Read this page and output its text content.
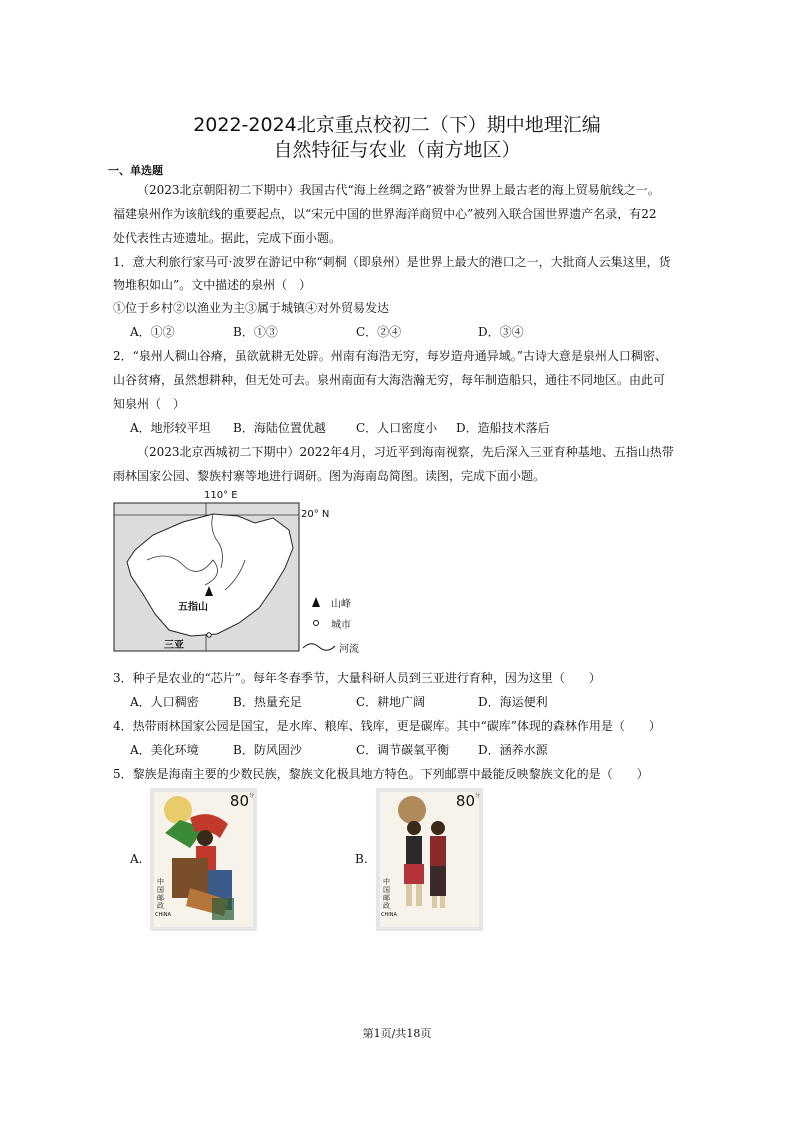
2022-2024北京重点校初二（下）期中地理汇编
自然特征与农业（南方地区）
一、单选题
（2023北京朝阳初二下期中）我国古代“海上丝绸之路”被誉为世界上最古老的海上贸易航线之一。
福建泉州作为该航线的重要起点，以“宋元中国的世界海洋商贸中心”被列入联合国世界遗产名录，有22
处代表性古迹遗址。据此，完成下面小题。
1．意大利旅行家马可·波罗在游记中称“刺桐（即泉州）是世界上最大的港口之一，大批商人云集这里，货
物堆积如山”。文中描述的泉州（　）
①位于乡村②以渔业为主③属于城镇④对外贸易发达
A．①②	B．①③	C．②④	D．③④
2．“泉州人稠山谷瘠，虽欲就耕无处辟。州南有海浩无穷，每岁造舟通异域。”古诗大意是泉州人口稠密、
山谷贫瘠，虽然想耕种，但无处可去。泉州南面有大海浩瀚无穷，每年制造船只，通往不同地区。由此可
知泉州（　）
A．地形较平坦 B．海陆位置优越	C．人口密度小 D．造船技术落后
（2023北京西城初二下期中）2022年4月，习近平到海南视察，先后深入三亚育种基地、五指山热带
雨林国家公园、黎族村寨等地进行调研。图为海南岛简图。读图，完成下面小题。
110° E
20° N
五指山
三亚
山峰
城市
河流
3．种子是农业的“芯片”。每年冬春季节，大量科研人员到三亚进行育种，因为这里（　　）
A．人口稠密	B．热量充足	C．耕地广阔	D．海运便利
4．热带雨林国家公园是国宝，是水库、粮库、钱库，更是碳库。其中“碳库”体现的森林作用是（　　）
A．美化环境	B．防风固沙	C．调节碳氧平衡 D．涵养水源
5．黎族是海南主要的少数民族，黎族文化极具地方特色。下列邮票中最能反映黎族文化的是（　　）
A.	B.
80 分
中国邮政
CHINA
80 分
中国邮政
CHINA
第1页/共18页
